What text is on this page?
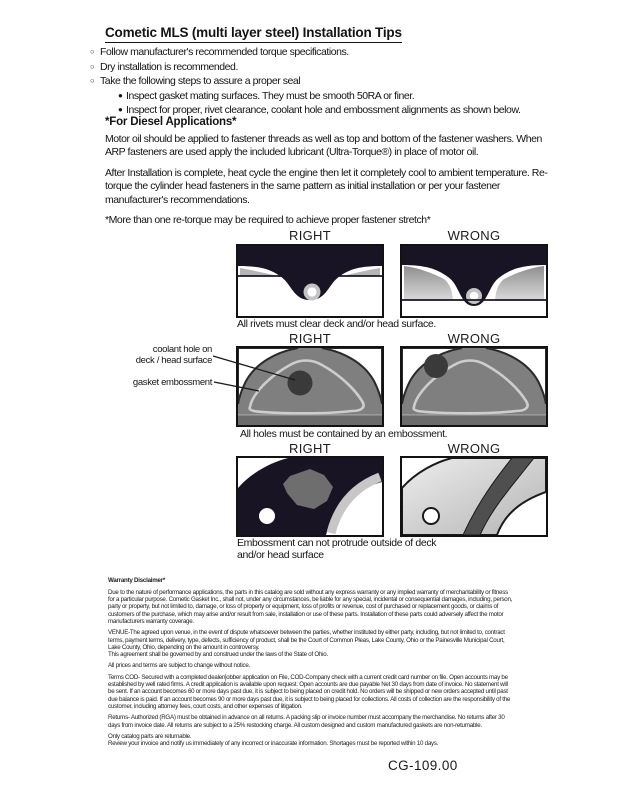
Cometic MLS (multi layer steel) Installation Tips
○ Follow manufacturer's recommended torque specifications.
○ Dry installation is recommended.
○ Take the following steps to assure a proper seal
● Inspect gasket mating surfaces. They must be smooth 50RA or finer.
● Inspect for proper, rivet clearance, coolant hole and embossment alignments as shown below.
*For Diesel Applications*
Motor oil should be applied to fastener threads as well as top and bottom of the fastener washers. When ARP fasteners are used apply the included lubricant (Ultra-Torque®) in place of motor oil.
After Installation is complete, heat cycle the engine then let it completely cool to ambient temperature. Re-torque the cylinder head fasteners in the same pattern as initial installation or per your fastener manufacturer's recommendations.
*More than one re-torque may be required to achieve proper fastener stretch*
RIGHT	WRONG
All rivets must clear deck and/or head surface.
RIGHT	WRONG
coolant hole on
deck / head surface
gasket embossment
All holes must be contained by an embossment.
RIGHT	WRONG
Embossment can not protrude outside of deck
and/or head surface
Warranty Disclaimer*
Due to the nature of performance applications, the parts in this catalog are sold without any express warranty or any implied warranty of merchantability or fitness for a particular purpose. Cometic Gasket Inc., shall not, under any circumstances, be liable for any special, incidental or consequential damages, including, person, party or property, but not limited to, damage, or loss of property or equipment, loss of profits or revenue, cost of purchased or replacement goods, or claims of customers of the purchase, which may arise and/or result from sale, installation or use of these parts. Installation of these parts could adversely affect the motor manufacturers warranty coverage.
VENUE-The agreed upon venue, in the event of dispute whatsoever between the parties, whether instituted by either party, including, but not limited to, contract terms, payment terms, delivery, type, defects, sufficiency of product, shall be the Court of Common Pleas, Lake County, Ohio or the Painesville Municipal Court, Lake County, Ohio, depending on the amount in controversy.
This agreement shall be governed by and construed under the laws of the State of Ohio.
All prices and terms are subject to change without notice.
Terms COD- Secured with a completed dealer/jobber application on File, COD-Company check with a current credit card number on file. Open accounts may be established by well rated firms. A credit application is available upon request. Open accounts are due payable Net 30 days from date of invoice. No statement will be sent. If an account becomes 60 or more days past due, it is subject to being placed on credit hold. No orders will be shipped or new orders accepted until past due balance is paid. If an account becomes 90 or more days past due, it is subject to being placed for collections. All costs of collection are the responsibility of the customer, including attorney fees, court costs, and other expenses of litigation.
Returns- Authorized (RGA) must be obtained in advance on all returns. A packing slip or invoice number must accompany the merchandise. No returns after 30 days from invoice date. All returns are subject to a 25% restocking charge. All custom designed and custom manufactured gaskets are non-returnable.
Only catalog parts are returnable.
Review your invoice and notify us immediately of any incorrect or inaccurate information. Shortages must be reported within 10 days.
CG-109.00
